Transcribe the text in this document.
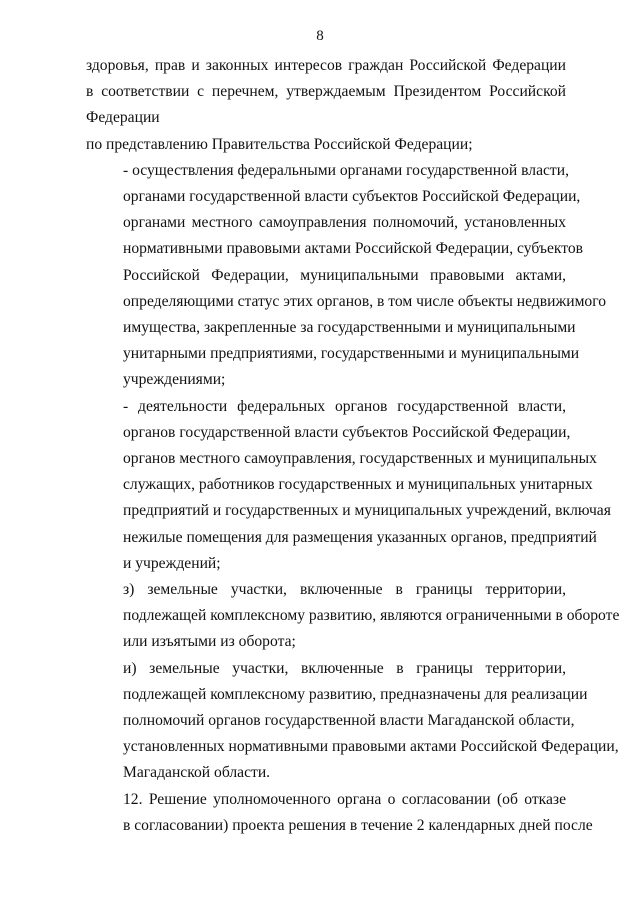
8

здоровья, прав и законных интересов граждан Российской Федерации
в соответствии с перечнем, утверждаемым Президентом Российской
Федерации

по представлению Правительства Российской Федерации;

- осуществления федеральными органами государственной власти,
органами государственной власти субъектов Российской Федерации,
органами местного самоуправления полномочий, установленных
нормативными правовыми актами Российской Федерации, субъектов
Российской Федерации, муниципальными правовыми актами,
определяющими статус этих органов, в том числе объекты недвижимого
имущества, закрепленные за государственными и муниципальными
унитарными предприятиями, государственными и муниципальными
учреждениями;

- деятельности федеральных органов государственной власти,
органов государственной власти субъектов Российской Федерации,
органов местного самоуправления, государственных и муниципальных
служащих, работников государственных и муниципальных унитарных
предприятий и государственных и муниципальных учреждений, включая
нежилые помещения для размещения указанных органов, предприятий
и учреждений;

з) земельные участки, включенные в границы территории,
подлежащей комплексному развитию, являются ограниченными в обороте
или изъятыми из оборота;

и) земельные участки, включенные в границы территории,
подлежащей комплексному развитию, предназначены для реализации
полномочий органов государственной власти Магаданской области,
установленных нормативными правовыми актами Российской Федерации,
Магаданской области.

12. Решение уполномоченного органа о согласовании (об отказе
в согласовании) проекта решения в течение 2 календарных дней после
